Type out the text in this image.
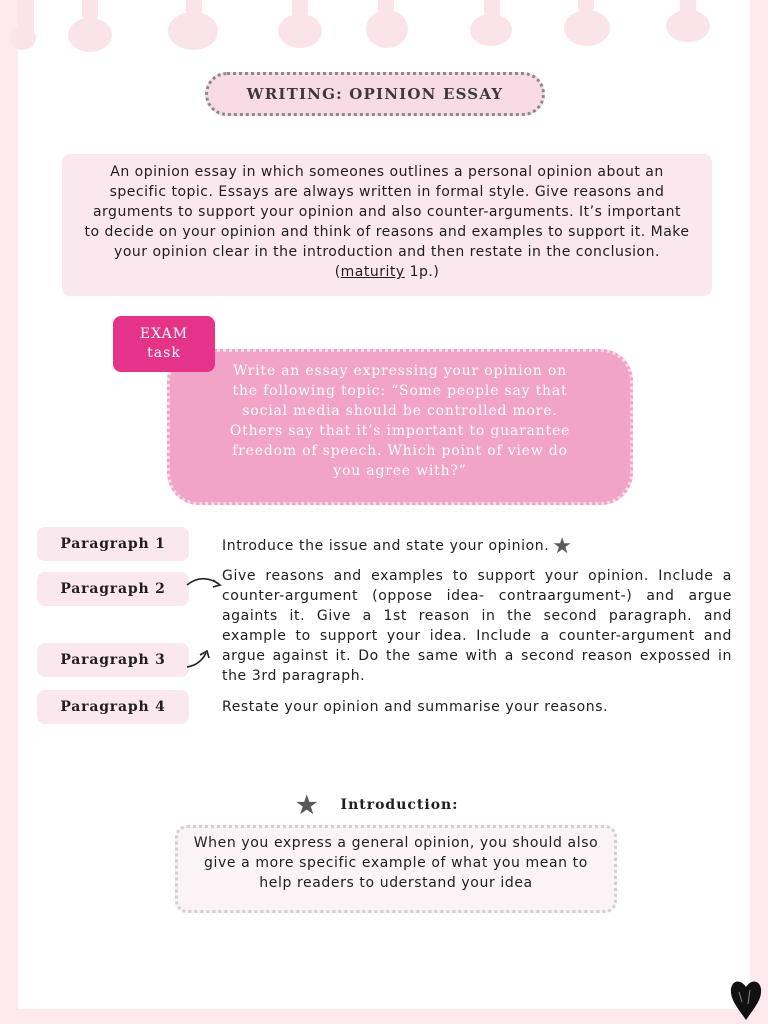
WRITING: OPINION ESSAY
An opinion essay in which someones outlines a personal opinion about an specific topic. Essays are always written in formal style. Give reasons and arguments to support your opinion and also counter-arguments. It’s important to decide on your opinion and think of reasons and examples to support it. Make your opinion clear in the introduction and then restate in the conclusion. (maturity 1p.)
EXAM
task
Write an essay expressing your opinion on the following topic: “Some people say that social media should be controlled more. Others say that it’s important to guarantee freedom of speech. Which point of view do you agree with?”
Paragraph 1
Paragraph 2
Paragraph 3
Paragraph 4
Introduce the issue and state your opinion. ★
Give reasons and examples to support your opinion. Include a counter-argument (oppose idea- contraargument-) and argue againts it. Give a 1st reason in the second paragraph. and example to support your idea. Include a counter-argument and argue against it. Do the same with a second reason expossed in the 3rd paragraph.
Restate your opinion and summarise your reasons.
★ Introduction:
When you express a general opinion, you should also give a more specific example of what you mean to help readers to uderstand your idea
